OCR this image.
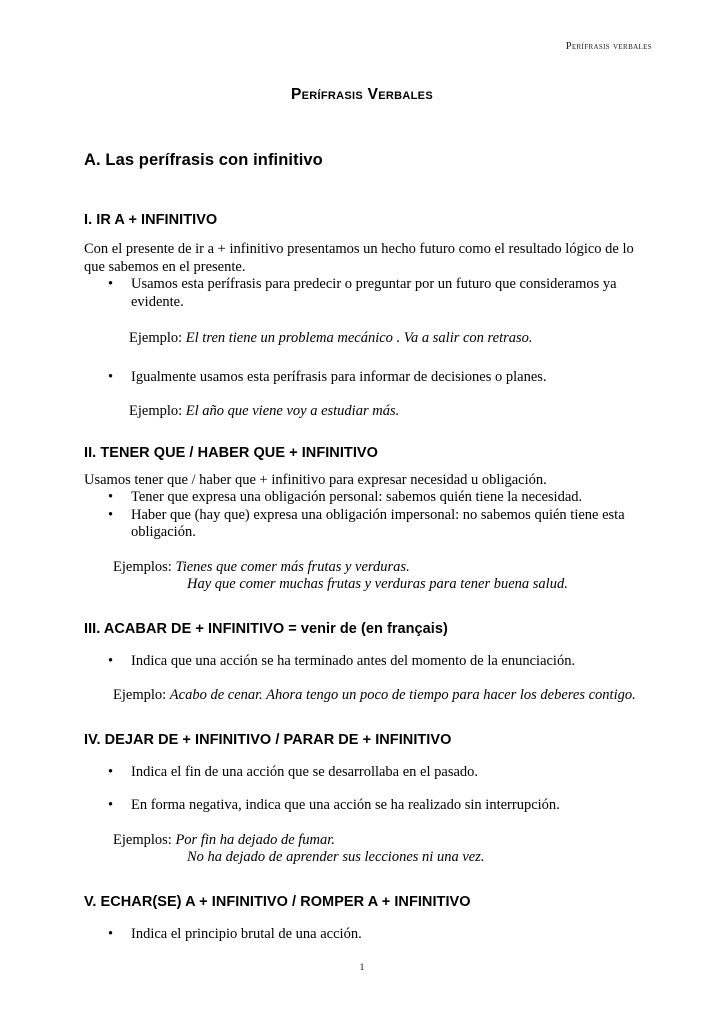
Perífrasis verbales
Perífrasis Verbales
A. Las perífrasis con infinitivo
I. IR A + INFINITIVO

Con el presente de ir a + infinitivo presentamos un hecho futuro como el resultado lógico de lo que sabemos en el presente.

• Usamos esta perífrasis para predecir o preguntar por un futuro que consideramos ya evidente.

Ejemplo: El tren tiene un problema mecánico . Va a salir con retraso.

• Igualmente usamos esta perífrasis para informar de decisiones o planes.

Ejemplo: El año que viene voy a estudiar más.

II. TENER QUE / HABER QUE + INFINITIVO

Usamos tener que / haber que + infinitivo para expresar necesidad u obligación.

• Tener que expresa una obligación personal: sabemos quién tiene la necesidad.
• Haber que (hay que) expresa una obligación impersonal: no sabemos quién tiene esta obligación.
Ejemplos: Tienes que comer más frutas y verduras.
Hay que comer muchas frutas y verduras para tener buena salud.
III. ACABAR DE + INFINITIVO = venir de (en français)
• Indica que una acción se ha terminado antes del momento de la enunciación.

Ejemplo: Acabo de cenar. Ahora tengo un poco de tiempo para hacer los deberes contigo.

IV. DEJAR DE + INFINITIVO / PARAR DE + INFINITIVO
• Indica el fin de una acción que se desarrollaba en el pasado.
• En forma negativa, indica que una acción se ha realizado sin interrupción.
Ejemplos: Por fin ha dejado de fumar.
No ha dejado de aprender sus lecciones ni una vez.
V. ECHAR(SE) A + INFINITIVO / ROMPER A + INFINITIVO
• Indica el principio brutal de una acción.
1
